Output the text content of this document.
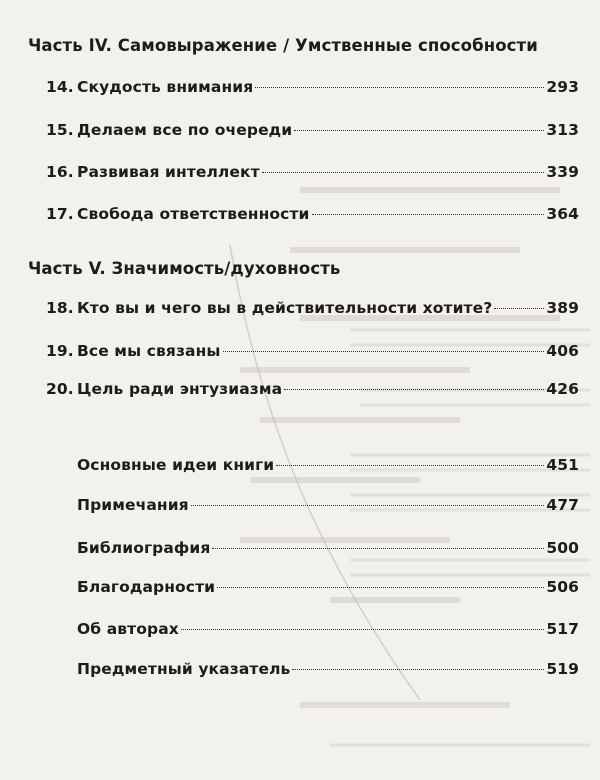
Часть IV. Самовыражение / Умственные способности
14. Скудость внимания	293
15. Делаем все по очереди	313
16. Развивая интеллект	339
17. Свобода ответственности	364
Часть V. Значимость/духовность
18. Кто вы и чего вы в действительности хотите?	389
19. Все мы связаны	406
20. Цель ради энтузиазма	426
Основные идеи книги	451
Примечания	477
Библиография	500
Благодарности	506
Об авторах	517
Предметный указатель	519
